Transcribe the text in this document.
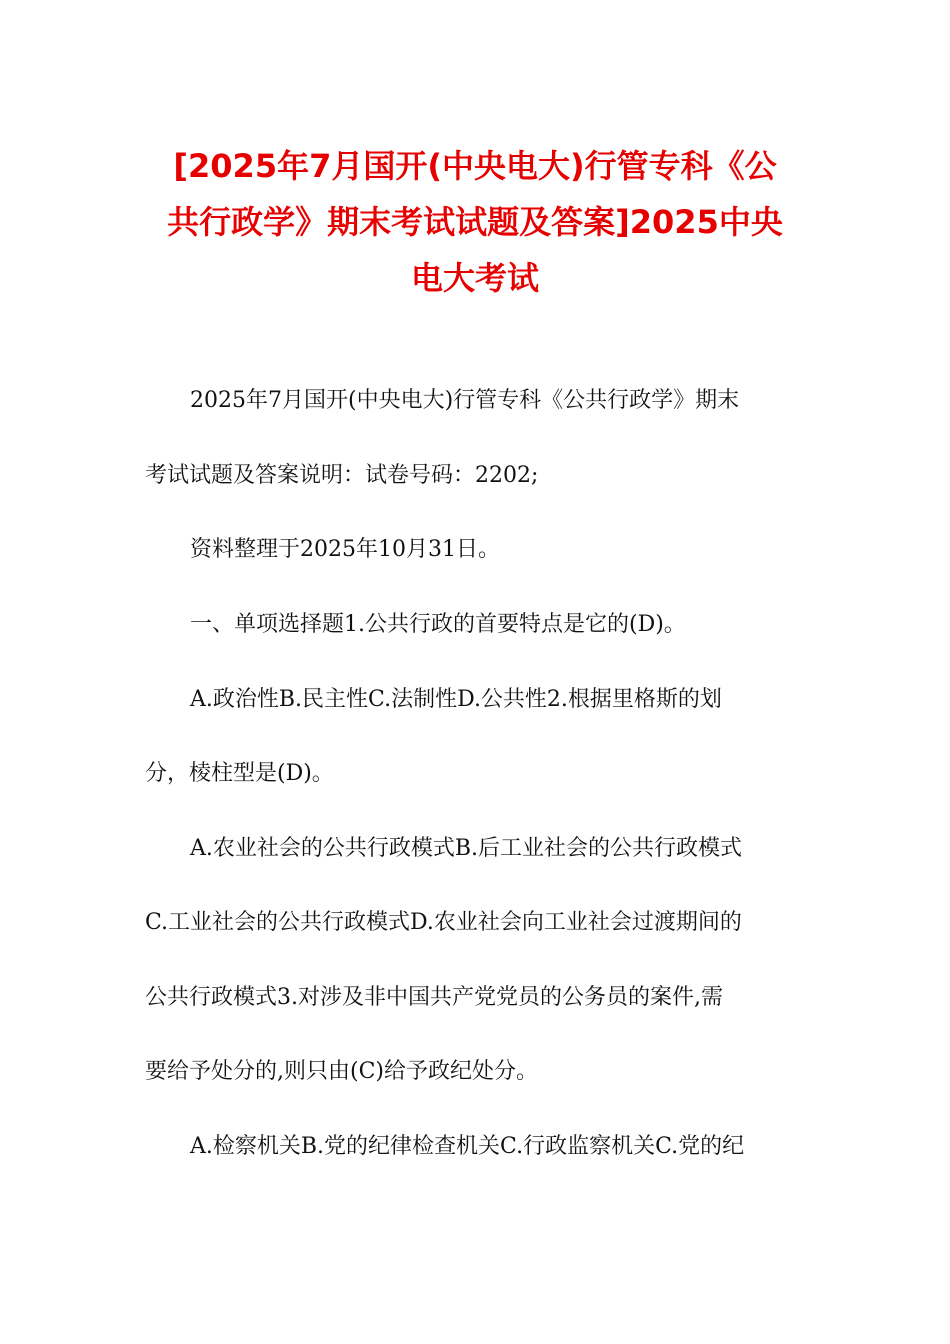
[2025年7月国开(中央电大)行管专科《公
共行政学》期末考试试题及答案]2025中央
电大考试
2025年7月国开(中央电大)行管专科《公共行政学》期末
考试试题及答案说明：试卷号码：2202;
资料整理于2025年10月31日。
一、单项选择题1.公共行政的首要特点是它的(D)。
A.政治性B.民主性C.法制性D.公共性2.根据里格斯的划
分，棱柱型是(D)。
A.农业社会的公共行政模式B.后工业社会的公共行政模式
C.工业社会的公共行政模式D.农业社会向工业社会过渡期间的
公共行政模式3.对涉及非中国共产党党员的公务员的案件,需
要给予处分的,则只由(C)给予政纪处分。
A.检察机关B.党的纪律检查机关C.行政监察机关C.党的纪
